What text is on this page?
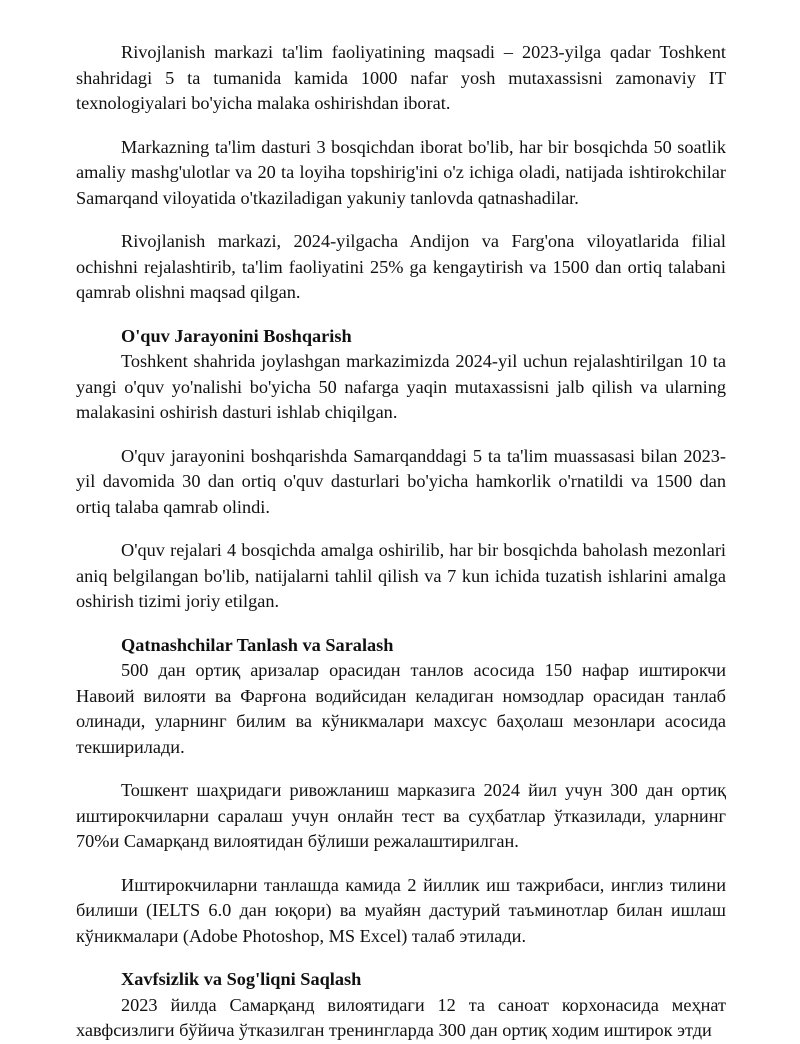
Rivojlanish markazi ta'lim faoliyatining maqsadi – 2023-yilga qadar Toshkent shahridagi 5 ta tumanida kamida 1000 nafar yosh mutaxassisni zamonaviy IT texnologiyalari bo'yicha malaka oshirishdan iborat.

Markazning ta'lim dasturi 3 bosqichdan iborat bo'lib, har bir bosqichda 50 soatlik amaliy mashg'ulotlar va 20 ta loyiha topshirig'ini o'z ichiga oladi, natijada ishtirokchilar Samarqand viloyatida o'tkaziladigan yakuniy tanlovda qatnashadilar.

Rivojlanish markazi, 2024-yilgacha Andijon va Farg'ona viloyatlarida filial ochishni rejalashtirib, ta'lim faoliyatini 25% ga kengaytirish va 1500 dan ortiq talabani qamrab olishni maqsad qilgan.

O'quv Jarayonini Boshqarish

Toshkent shahrida joylashgan markazimizda 2024-yil uchun rejalashtirilgan 10 ta yangi o'quv yo'nalishi bo'yicha 50 nafarga yaqin mutaxassisni jalb qilish va ularning malakasini oshirish dasturi ishlab chiqilgan.

O'quv jarayonini boshqarishda Samarqanddagi 5 ta ta'lim muassasasi bilan 2023-yil davomida 30 dan ortiq o'quv dasturlari bo'yicha hamkorlik o'rnatildi va 1500 dan ortiq talaba qamrab olindi.

O'quv rejalari 4 bosqichda amalga oshirilib, har bir bosqichda baholash mezonlari aniq belgilangan bo'lib, natijalarni tahlil qilish va 7 kun ichida tuzatish ishlarini amalga oshirish tizimi joriy etilgan.

Qatnashchilar Tanlash va Saralash

500 дан ортиқ аризалар орасидан танлов асосида 150 нафар иштирокчи Навоий вилояти ва Фарғона водийсидан келадиган номзодлар орасидан танлаб олинади, уларнинг билим ва кўникмалари махсус баҳолаш мезонлари асосида текширилади.

Тошкент шаҳридаги ривожланиш марказига 2024 йил учун 300 дан ортиқ иштирокчиларни саралаш учун онлайн тест ва суҳбатлар ўтказилади, уларнинг 70%и Самарқанд вилоятидан бўлиши режалаштирилган.

Иштирокчиларни танлашда камида 2 йиллик иш тажрибаси, инглиз тилини билиши (IELTS 6.0 дан юқори) ва муайян дастурий таъминотлар билан ишлаш кўникмалари (Adobe Photoshop, MS Excel) талаб этилади.

Xavfsizlik va Sog'liqni Saqlash

2023 йилда Самарқанд вилоятидаги 12 та саноат корхонасида меҳнат хавфсизлиги бўйича ўтказилган тренингларда 300 дан ортиқ ходим иштирок этди
